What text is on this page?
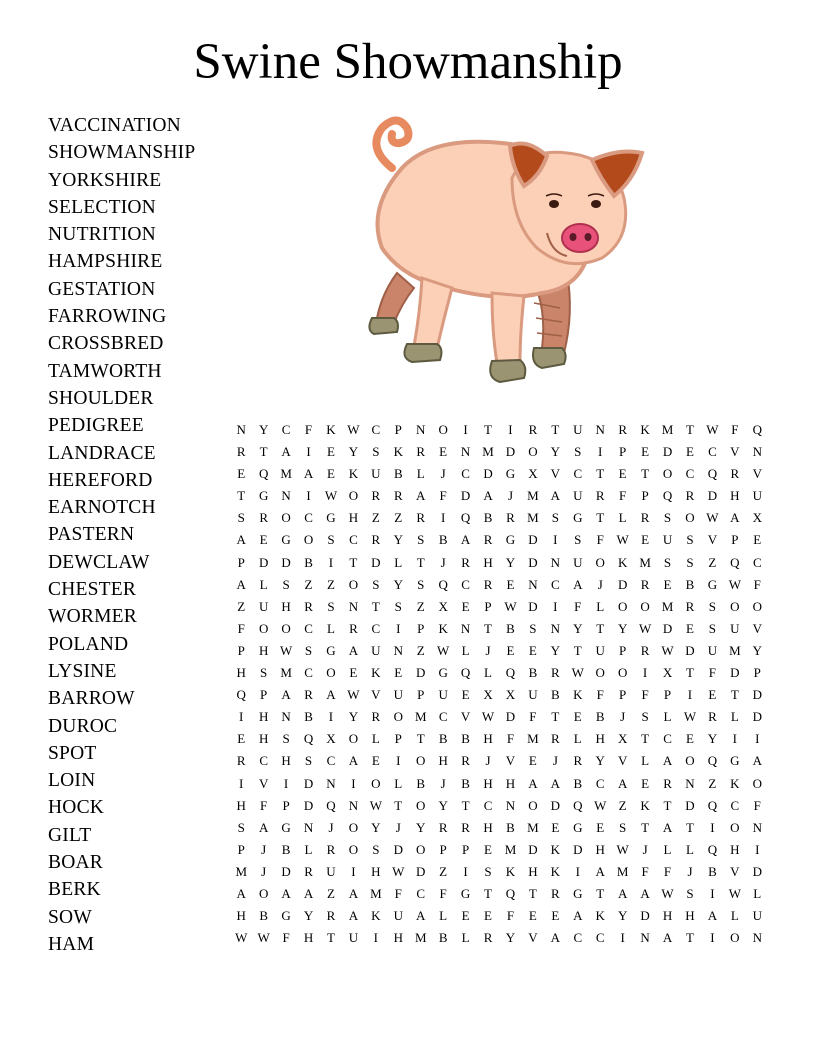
Swine Showmanship
VACCINATION
SHOWMANSHIP
YORKSHIRE
SELECTION
NUTRITION
HAMPSHIRE
GESTATION
FARROWING
CROSSBRED
TAMWORTH
SHOULDER
PEDIGREE
LANDRACE
HEREFORD
EARNOTCH
PASTERN
DEWCLAW
CHESTER
WORMER
POLAND
LYSINE
BARROW
DUROC
SPOT
LOIN
HOCK
GILT
BOAR
BERK
SOW
HAM
N	Y	C	F	K	W	C	P	N	O	I	T	I	R	T	U	N	R	K	M	T	W	F	Q
R	T	A	I	E	Y	S	K	R	E	N	M	D	O	Y	S	I	P	E	D	E	C	V	N
E	Q	M	A	E	K	U	B	L	J	C	D	G	X	V	C	T	E	T	O	C	Q	R	V
T	G	N	I	W	O	R	R	A	F	D	A	J	M	A	U	R	F	P	Q	R	D	H	U
S	R	O	C	G	H	Z	Z	R	I	Q	B	R	M	S	G	T	L	R	S	O	W	A	X
A	E	G	O	S	C	R	Y	S	B	A	R	G	D	I	S	F	W	E	U	S	V	P	E
P	D	D	B	I	T	D	L	T	J	R	H	Y	D	N	U	O	K	M	S	S	Z	Q	C
A	L	S	Z	Z	O	S	Y	S	Q	C	R	E	N	C	A	J	D	R	E	B	G	W	F
Z	U	H	R	S	N	T	S	Z	X	E	P	W	D	I	F	L	O	O	M	R	S	O	O
F	O	O	C	L	R	C	I	P	K	N	T	B	S	N	Y	T	Y	W	D	E	S	U	V
P	H	W	S	G	A	U	N	Z	W	L	J	E	E	Y	T	U	P	R	W	D	U	M	Y
H	S	M	C	O	E	K	E	D	G	Q	L	Q	B	R	W	O	O	I	X	T	F	D	P
Q	P	A	R	A	W	V	U	P	U	E	X	X	U	B	K	F	P	F	P	I	E	T	D
I	H	N	B	I	Y	R	O	M	C	V	W	D	F	T	E	B	J	S	L	W	R	L	D
E	H	S	Q	X	O	L	P	T	B	B	H	F	M	R	L	H	X	T	C	E	Y	I	I
R	C	H	S	C	A	E	I	O	H	R	J	V	E	J	R	Y	V	L	A	O	Q	G	A
I	V	I	D	N	I	O	L	B	J	B	H	H	A	A	B	C	A	E	R	N	Z	K	O
H	F	P	D	Q	N	W	T	O	Y	T	C	N	O	D	Q	W	Z	K	T	D	Q	C	F
S	A	G	N	J	O	Y	J	Y	R	R	H	B	M	E	G	E	S	T	A	T	I	O	N
P	J	B	L	R	O	S	D	O	P	P	E	M	D	K	D	H	W	J	L	L	Q	H	I
M	J	D	R	U	I	H	W	D	Z	I	S	K	H	K	I	A	M	F	F	J	B	V	D
A	O	A	A	Z	A	M	F	C	F	G	T	Q	T	R	G	T	A	A	W	S	I	W	L
H	B	G	Y	R	A	K	U	A	L	E	E	F	E	E	A	K	Y	D	H	H	A	L	U
W	W	F	H	T	U	I	H	M	B	L	R	Y	V	A	C	C	I	N	A	T	I	O	N
